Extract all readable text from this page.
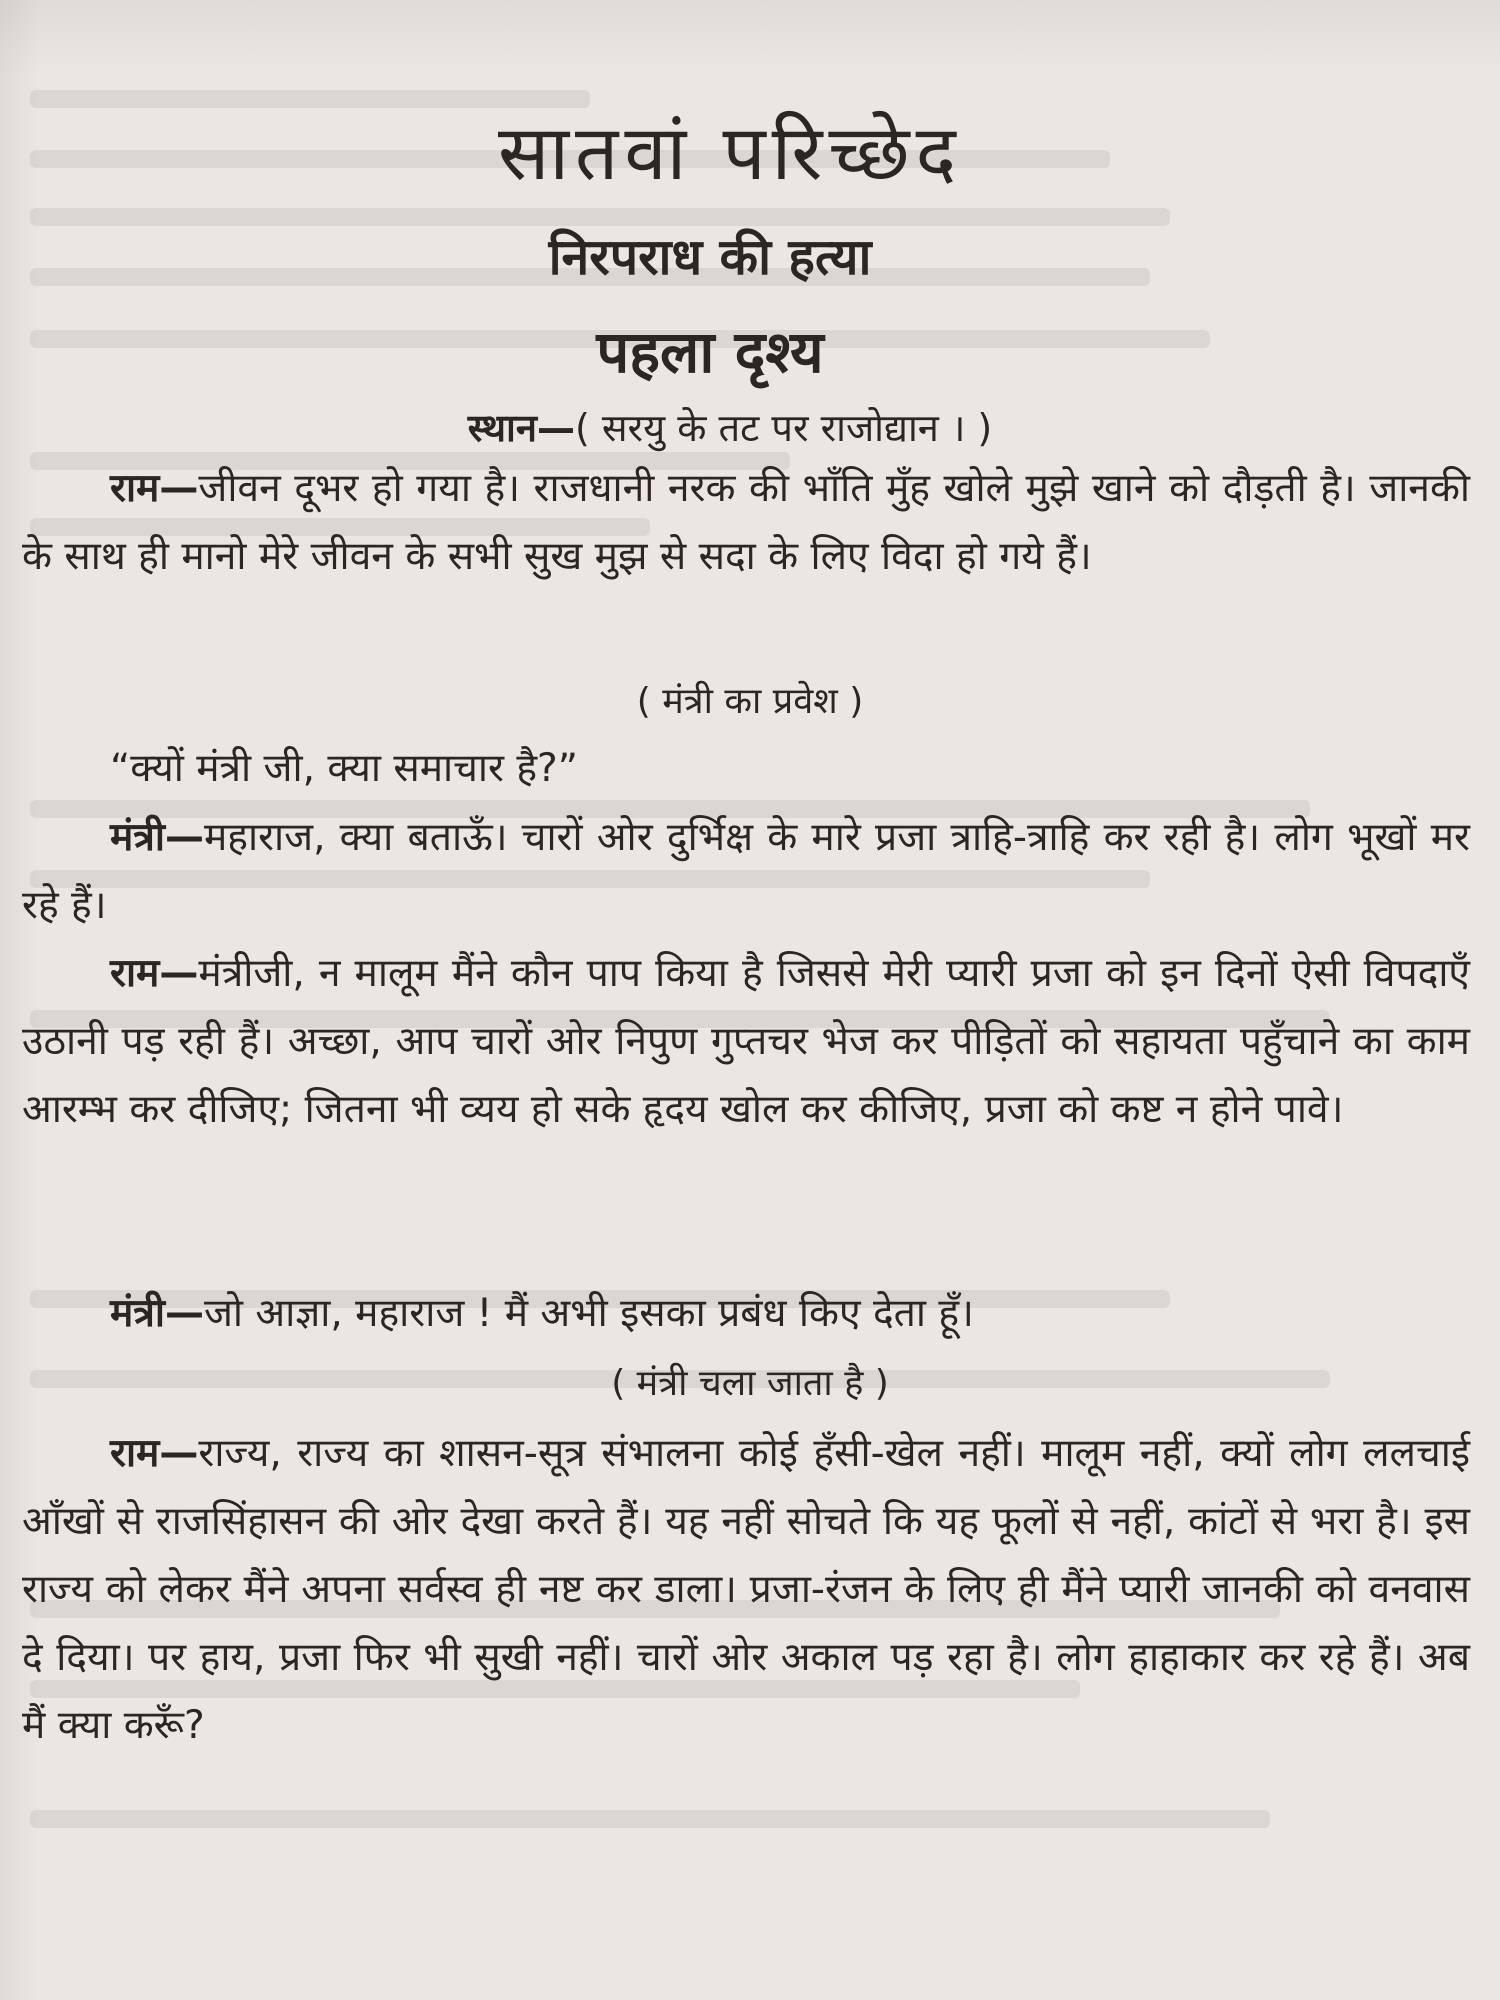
सातवां परिच्छेद
निरपराध की हत्या
पहला दृश्य
स्थान—( सरयु के तट पर राजोद्यान । )
राम—जीवन दूभर हो गया है। राजधानी नरक की भाँति मुँह खोले मुझे खाने को दौड़ती है। जानकी के साथ ही मानो मेरे जीवन के सभी सुख मुझ से सदा के लिए विदा हो गये हैं।
( मंत्री का प्रवेश )
“क्यों मंत्री जी, क्या समाचार है?”
मंत्री—महाराज, क्या बताऊँ। चारों ओर दुर्भिक्ष के मारे प्रजा त्राहि-त्राहि कर रही है। लोग भूखों मर रहे हैं।
राम—मंत्रीजी, न मालूम मैंने कौन पाप किया है जिससे मेरी प्यारी प्रजा को इन दिनों ऐसी विपदाएँ उठानी पड़ रही हैं। अच्छा, आप चारों ओर निपुण गुप्तचर भेज कर पीड़ितों को सहायता पहुँचाने का काम आरम्भ कर दीजिए; जितना भी व्यय हो सके हृदय खोल कर कीजिए, प्रजा को कष्ट न होने पावे।
मंत्री—जो आज्ञा, महाराज ! मैं अभी इसका प्रबंध किए देता हूँ।
( मंत्री चला जाता है )
राम—राज्य, राज्य का शासन-सूत्र संभालना कोई हँसी-खेल नहीं। मालूम नहीं, क्यों लोग ललचाई आँखों से राजसिंहासन की ओर देखा करते हैं। यह नहीं सोचते कि यह फूलों से नहीं, कांटों से भरा है। इस राज्य को लेकर मैंने अपना सर्वस्व ही नष्ट कर डाला। प्रजा-रंजन के लिए ही मैंने प्यारी जानकी को वनवास दे दिया। पर हाय, प्रजा फिर भी सुखी नहीं। चारों ओर अकाल पड़ रहा है। लोग हाहाकार कर रहे हैं। अब मैं क्या करूँ?
